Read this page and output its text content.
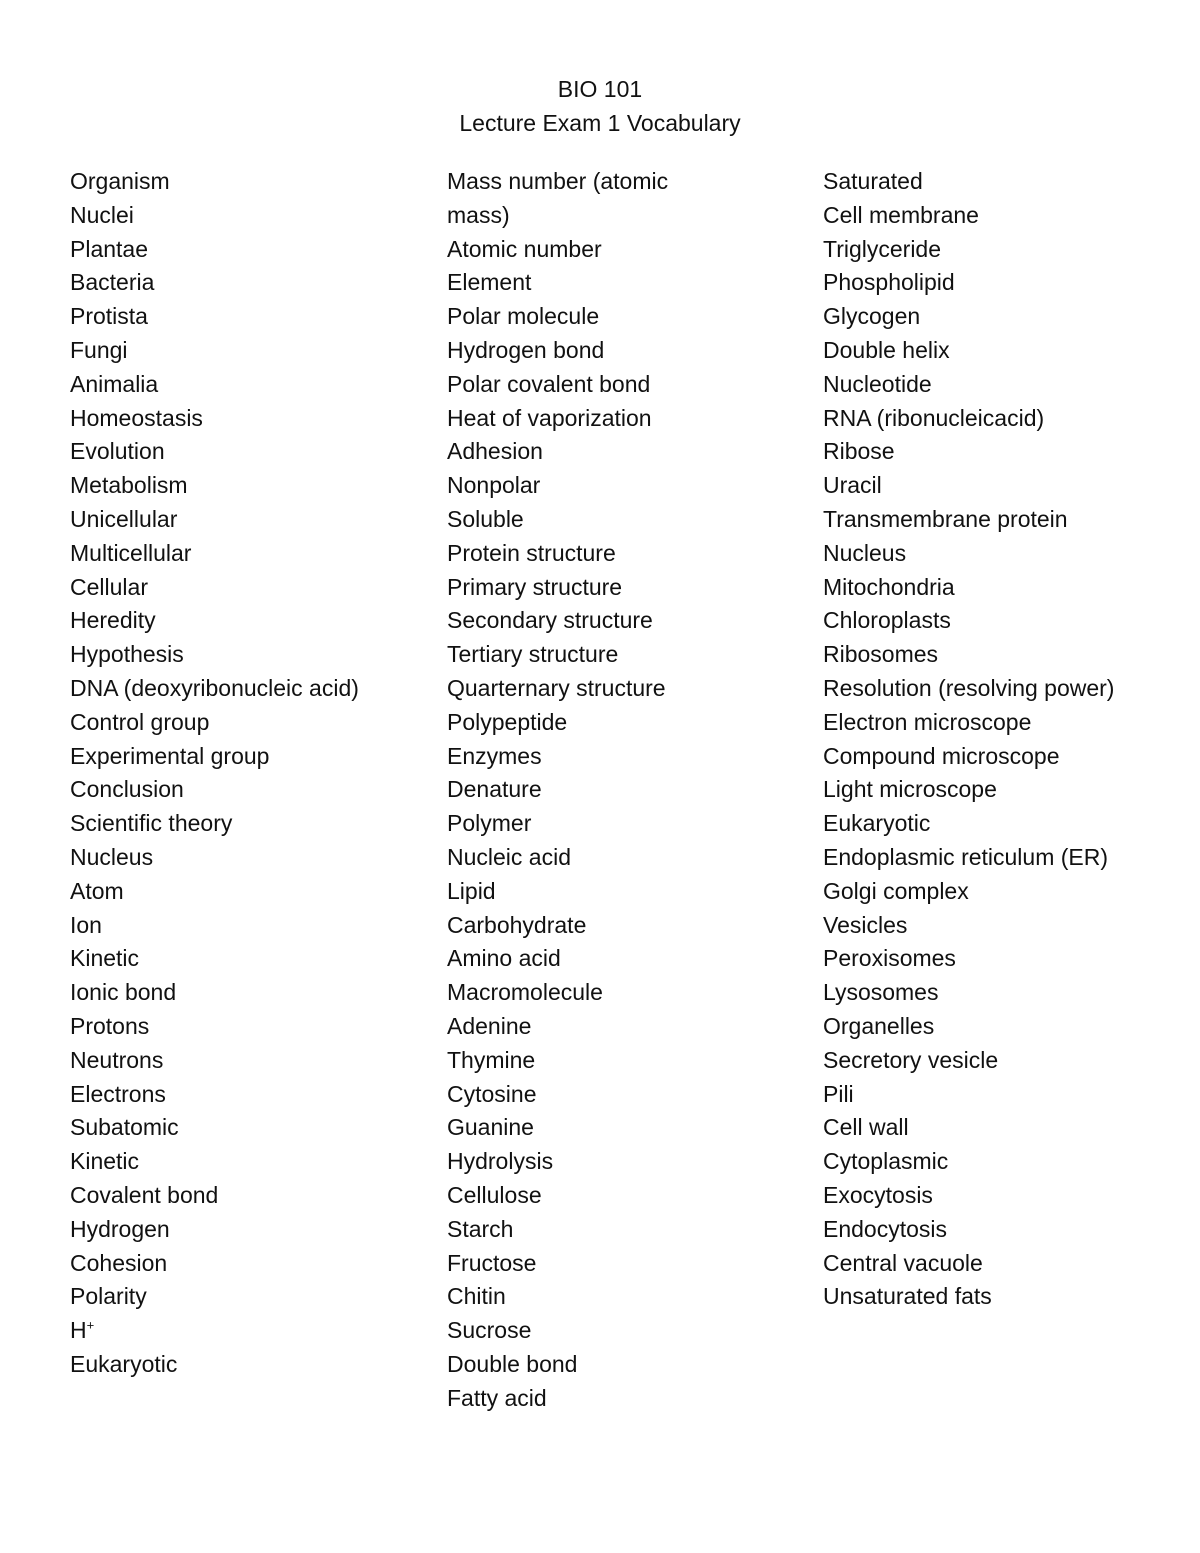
BIO 101
Lecture Exam 1 Vocabulary
Organism
Nuclei
Plantae
Bacteria
Protista
Fungi
Animalia
Homeostasis
Evolution
Metabolism
Unicellular
Multicellular
Cellular
Heredity
Hypothesis
DNA (deoxyribonucleic acid)
Control group
Experimental group
Conclusion
Scientific theory
Nucleus
Atom
Ion
Kinetic
Ionic bond
Protons
Neutrons
Electrons
Subatomic
Kinetic
Covalent bond
Hydrogen
Cohesion
Polarity
H+
Eukaryotic
Mass number (atomic mass)
Atomic number
Element
Polar molecule
Hydrogen bond
Polar covalent bond
Heat of vaporization
Adhesion
Nonpolar
Soluble
Protein structure
Primary structure
Secondary structure
Tertiary structure
Quarternary structure
Polypeptide
Enzymes
Denature
Polymer
Nucleic acid
Lipid
Carbohydrate
Amino acid
Macromolecule
Adenine
Thymine
Cytosine
Guanine
Hydrolysis
Cellulose
Starch
Fructose
Chitin
Sucrose
Double bond
Fatty acid
Saturated
Cell membrane
Triglyceride
Phospholipid
Glycogen
Double helix
Nucleotide
RNA (ribonucleicacid)
Ribose
Uracil
Transmembrane protein
Nucleus
Mitochondria
Chloroplasts
Ribosomes
Resolution (resolving power)
Electron microscope
Compound microscope
Light microscope
Eukaryotic
Endoplasmic reticulum (ER)
Golgi complex
Vesicles
Peroxisomes
Lysosomes
Organelles
Secretory vesicle
Pili
Cell wall
Cytoplasmic
Exocytosis
Endocytosis
Central vacuole
Unsaturated fats
